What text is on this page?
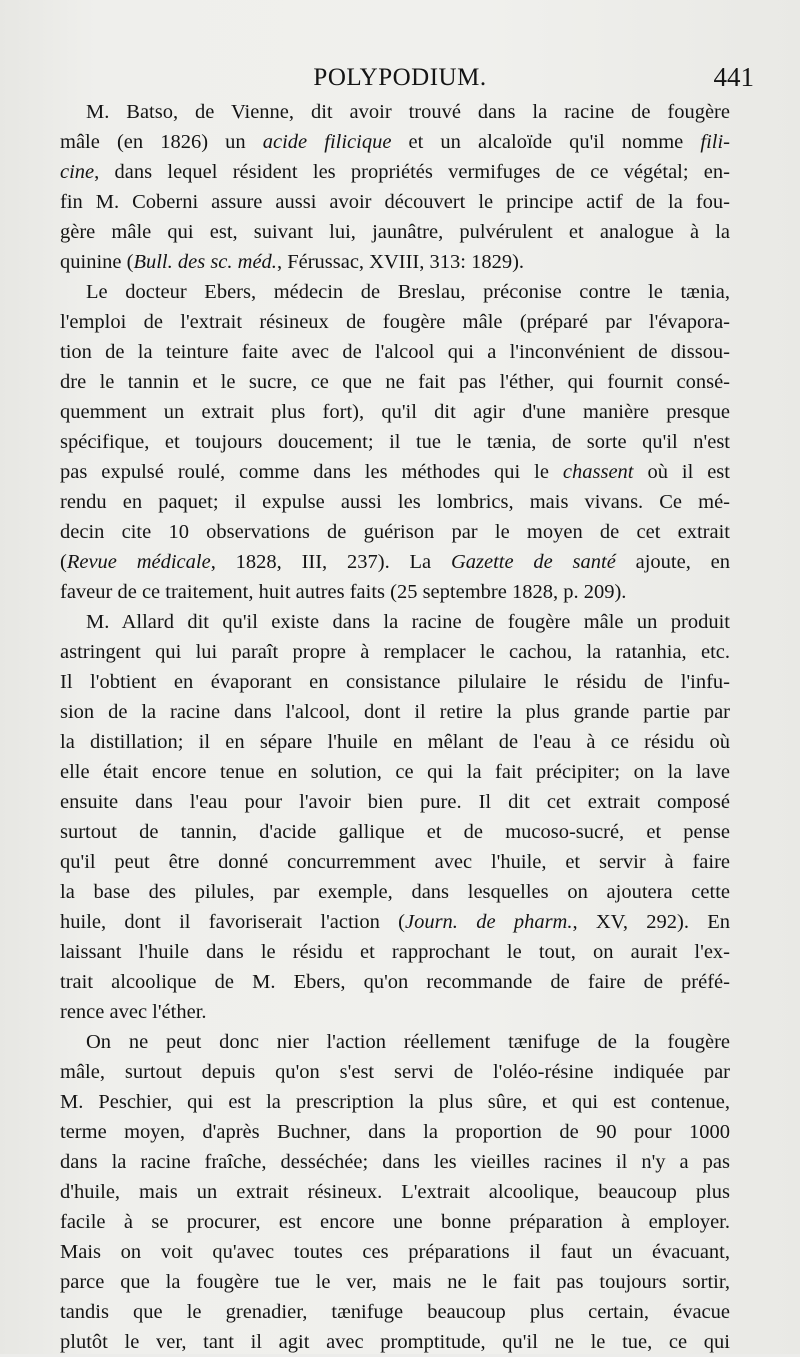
POLYPODIUM.	441
M. Batso, de Vienne, dit avoir trouvé dans la racine de fougère
mâle (en 1826) un acide filicique et un alcaloïde qu'il nomme fili-
cine, dans lequel résident les propriétés vermifuges de ce végétal; en-
fin M. Coberni assure aussi avoir découvert le principe actif de la fou-
gère mâle qui est, suivant lui, jaunâtre, pulvérulent et analogue à la
quinine (Bull. des sc. méd., Férussac, XVIII, 313: 1829).
Le docteur Ebers, médecin de Breslau, préconise contre le tænia,
l'emploi de l'extrait résineux de fougère mâle (préparé par l'évapora-
tion de la teinture faite avec de l'alcool qui a l'inconvénient de dissou-
dre le tannin et le sucre, ce que ne fait pas l'éther, qui fournit consé-
quemment un extrait plus fort), qu'il dit agir d'une manière presque
spécifique, et toujours doucement; il tue le tænia, de sorte qu'il n'est
pas expulsé roulé, comme dans les méthodes qui le chassent où il est
rendu en paquet; il expulse aussi les lombrics, mais vivans. Ce mé-
decin cite 10 observations de guérison par le moyen de cet extrait
(Revue médicale, 1828, III, 237). La Gazette de santé ajoute, en
faveur de ce traitement, huit autres faits (25 septembre 1828, p. 209).
M. Allard dit qu'il existe dans la racine de fougère mâle un produit
astringent qui lui paraît propre à remplacer le cachou, la ratanhia, etc.
Il l'obtient en évaporant en consistance pilulaire le résidu de l'infu-
sion de la racine dans l'alcool, dont il retire la plus grande partie par
la distillation; il en sépare l'huile en mêlant de l'eau à ce résidu où
elle était encore tenue en solution, ce qui la fait précipiter; on la lave
ensuite dans l'eau pour l'avoir bien pure. Il dit cet extrait composé
surtout de tannin, d'acide gallique et de mucoso-sucré, et pense
qu'il peut être donné concurremment avec l'huile, et servir à faire
la base des pilules, par exemple, dans lesquelles on ajoutera cette
huile, dont il favoriserait l'action (Journ. de pharm., XV, 292). En
laissant l'huile dans le résidu et rapprochant le tout, on aurait l'ex-
trait alcoolique de M. Ebers, qu'on recommande de faire de préfé-
rence avec l'éther.
On ne peut donc nier l'action réellement tænifuge de la fougère
mâle, surtout depuis qu'on s'est servi de l'oléo-résine indiquée par
M. Peschier, qui est la prescription la plus sûre, et qui est contenue,
terme moyen, d'après Buchner, dans la proportion de 90 pour 1000
dans la racine fraîche, desséchée; dans les vieilles racines il n'y a pas
d'huile, mais un extrait résineux. L'extrait alcoolique, beaucoup plus
facile à se procurer, est encore une bonne préparation à employer.
Mais on voit qu'avec toutes ces préparations il faut un évacuant,
parce que la fougère tue le ver, mais ne le fait pas toujours sortir,
tandis que le grenadier, tænifuge beaucoup plus certain, évacue
plutôt le ver, tant il agit avec promptitude, qu'il ne le tue, ce qui
